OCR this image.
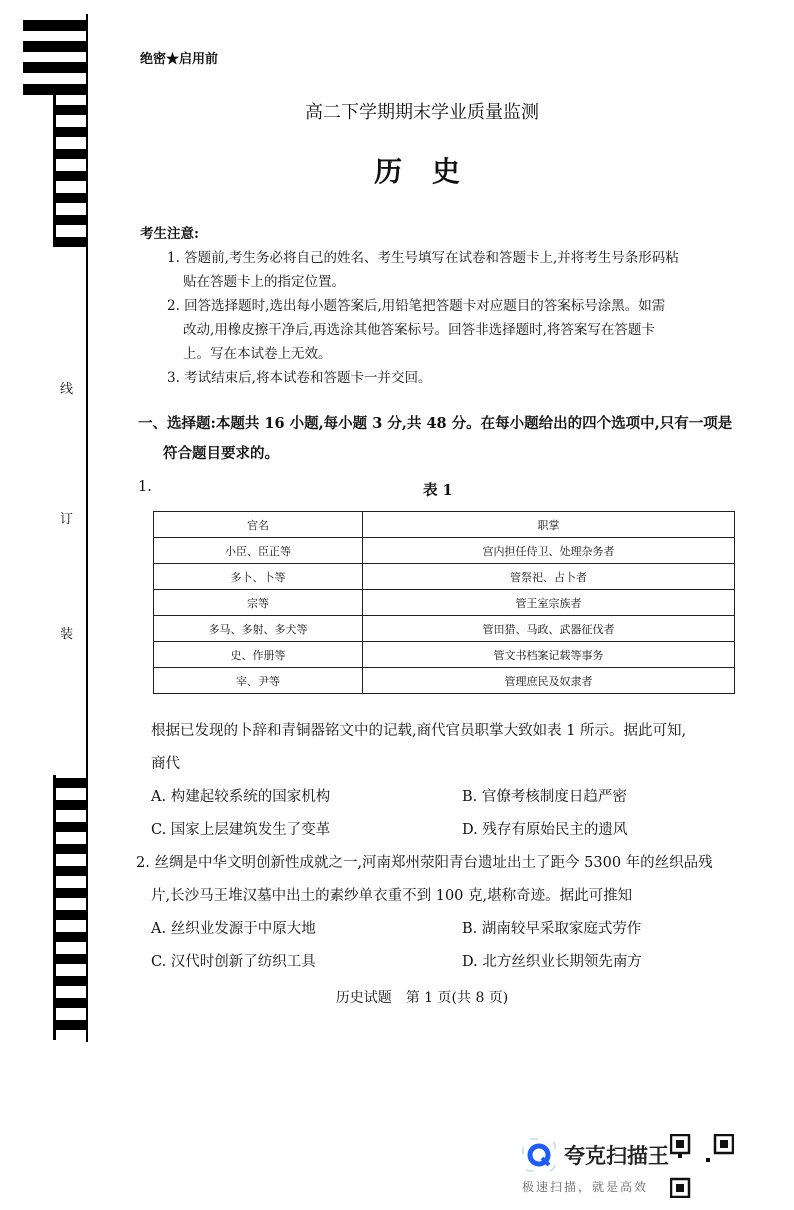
线
订
装
绝密★启用前
高二下学期期末学业质量监测
历 史
考生注意:
1. 答题前,考生务必将自己的姓名、考生号填写在试卷和答题卡上,并将考生号条形码粘
贴在答题卡上的指定位置。
2. 回答选择题时,选出每小题答案后,用铅笔把答题卡对应题目的答案标号涂黑。如需
改动,用橡皮擦干净后,再选涂其他答案标号。回答非选择题时,将答案写在答题卡
上。写在本试卷上无效。
3. 考试结束后,将本试卷和答题卡一并交回。
一、选择题:本题共 16 小题,每小题 3 分,共 48 分。在每小题给出的四个选项中,只有一项是
符合题目要求的。
1.	表 1
官名	职掌
小臣、臣正等	宫内担任侍卫、处理杂务者
多卜、卜等	管祭祀、占卜者
宗等	管王室宗族者
多马、多射、多犬等	管田猎、马政、武器征伐者
史、作册等	管文书档案记载等事务
宰、尹等	管理庶民及奴隶者
根据已发现的卜辞和青铜器铭文中的记载,商代官员职掌大致如表 1 所示。据此可知,
商代
A. 构建起较系统的国家机构	B. 官僚考核制度日趋严密
C. 国家上层建筑发生了变革	D. 残存有原始民主的遗风
2. 丝绸是中华文明创新性成就之一,河南郑州荥阳青台遗址出土了距今 5300 年的丝织品残
片,长沙马王堆汉墓中出土的素纱单衣重不到 100 克,堪称奇迹。据此可推知
A. 丝织业发源于中原大地	B. 湖南较早采取家庭式劳作
C. 汉代时创新了纺织工具	D. 北方丝织业长期领先南方
历史试题　第 1 页(共 8 页)
夸克扫描王
极速扫描，就是高效
